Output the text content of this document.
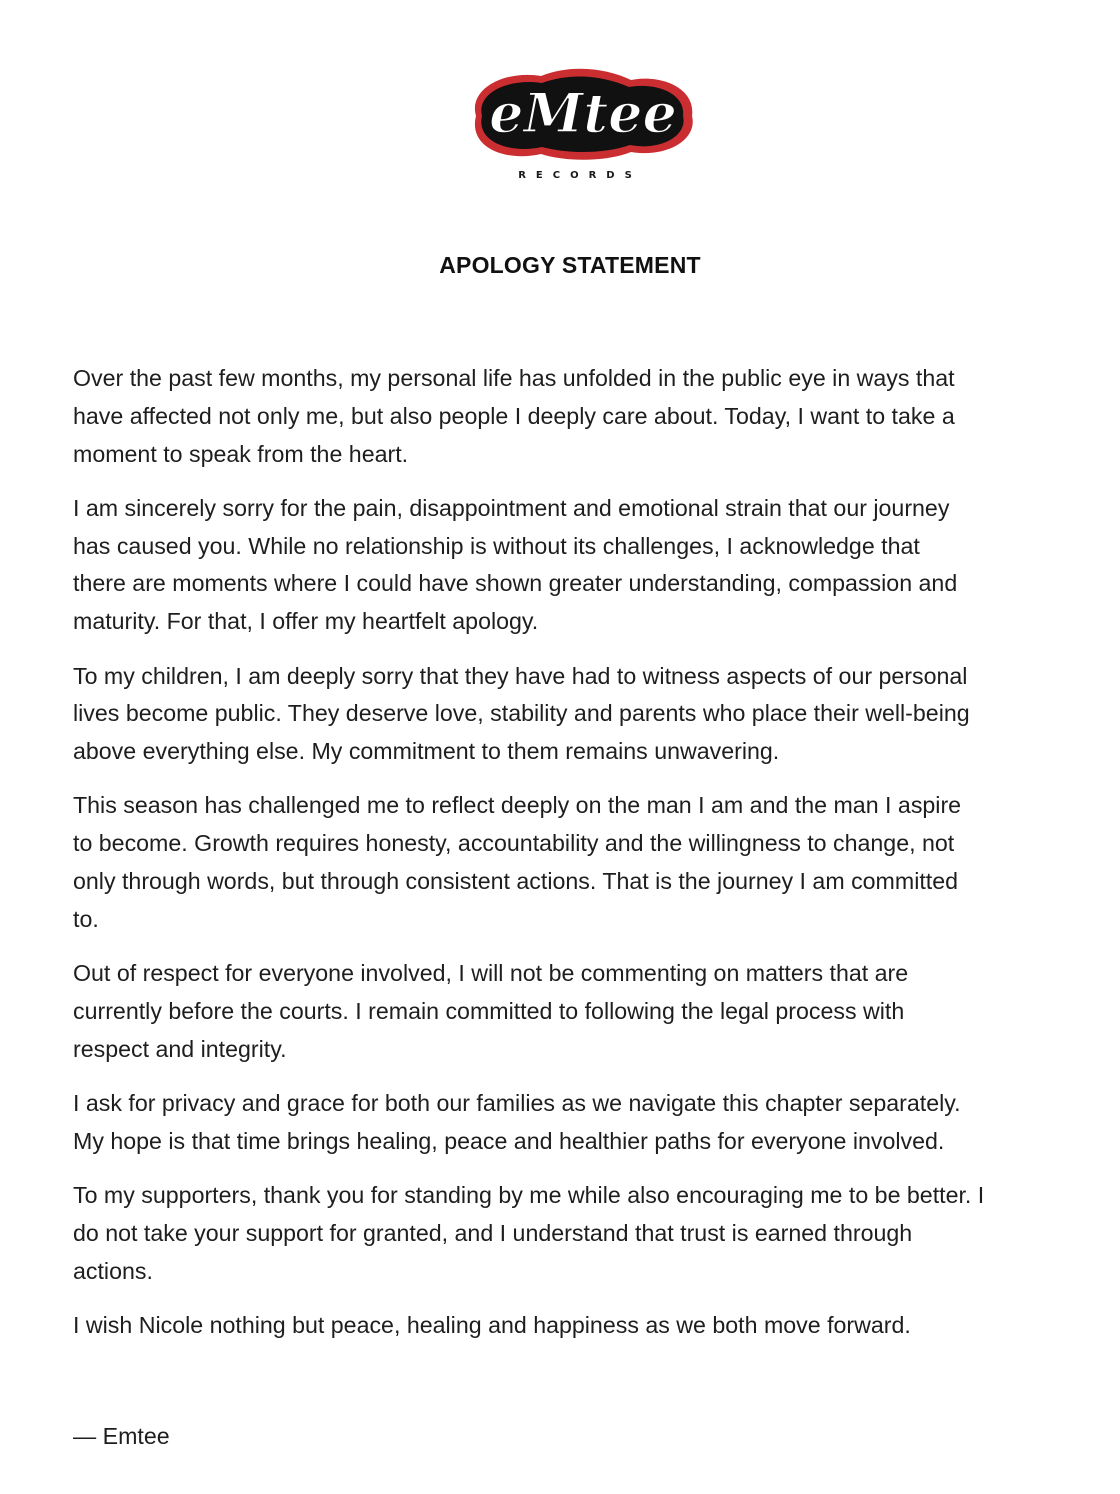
eMtee
RECORDS
APOLOGY STATEMENT

Over the past few months, my personal life has unfolded in the public eye in ways that
have affected not only me, but also people I deeply care about. Today, I want to take a
moment to speak from the heart.

I am sincerely sorry for the pain, disappointment and emotional strain that our journey
has caused you. While no relationship is without its challenges, I acknowledge that
there are moments where I could have shown greater understanding, compassion and
maturity. For that, I offer my heartfelt apology.

To my children, I am deeply sorry that they have had to witness aspects of our personal
lives become public. They deserve love, stability and parents who place their well-being
above everything else. My commitment to them remains unwavering.

This season has challenged me to reflect deeply on the man I am and the man I aspire
to become. Growth requires honesty, accountability and the willingness to change, not
only through words, but through consistent actions. That is the journey I am committed
to.

Out of respect for everyone involved, I will not be commenting on matters that are
currently before the courts. I remain committed to following the legal process with
respect and integrity.

I ask for privacy and grace for both our families as we navigate this chapter separately.
My hope is that time brings healing, peace and healthier paths for everyone involved.

To my supporters, thank you for standing by me while also encouraging me to be better. I
do not take your support for granted, and I understand that trust is earned through
actions.

I wish Nicole nothing but peace, healing and happiness as we both move forward.

— Emtee
